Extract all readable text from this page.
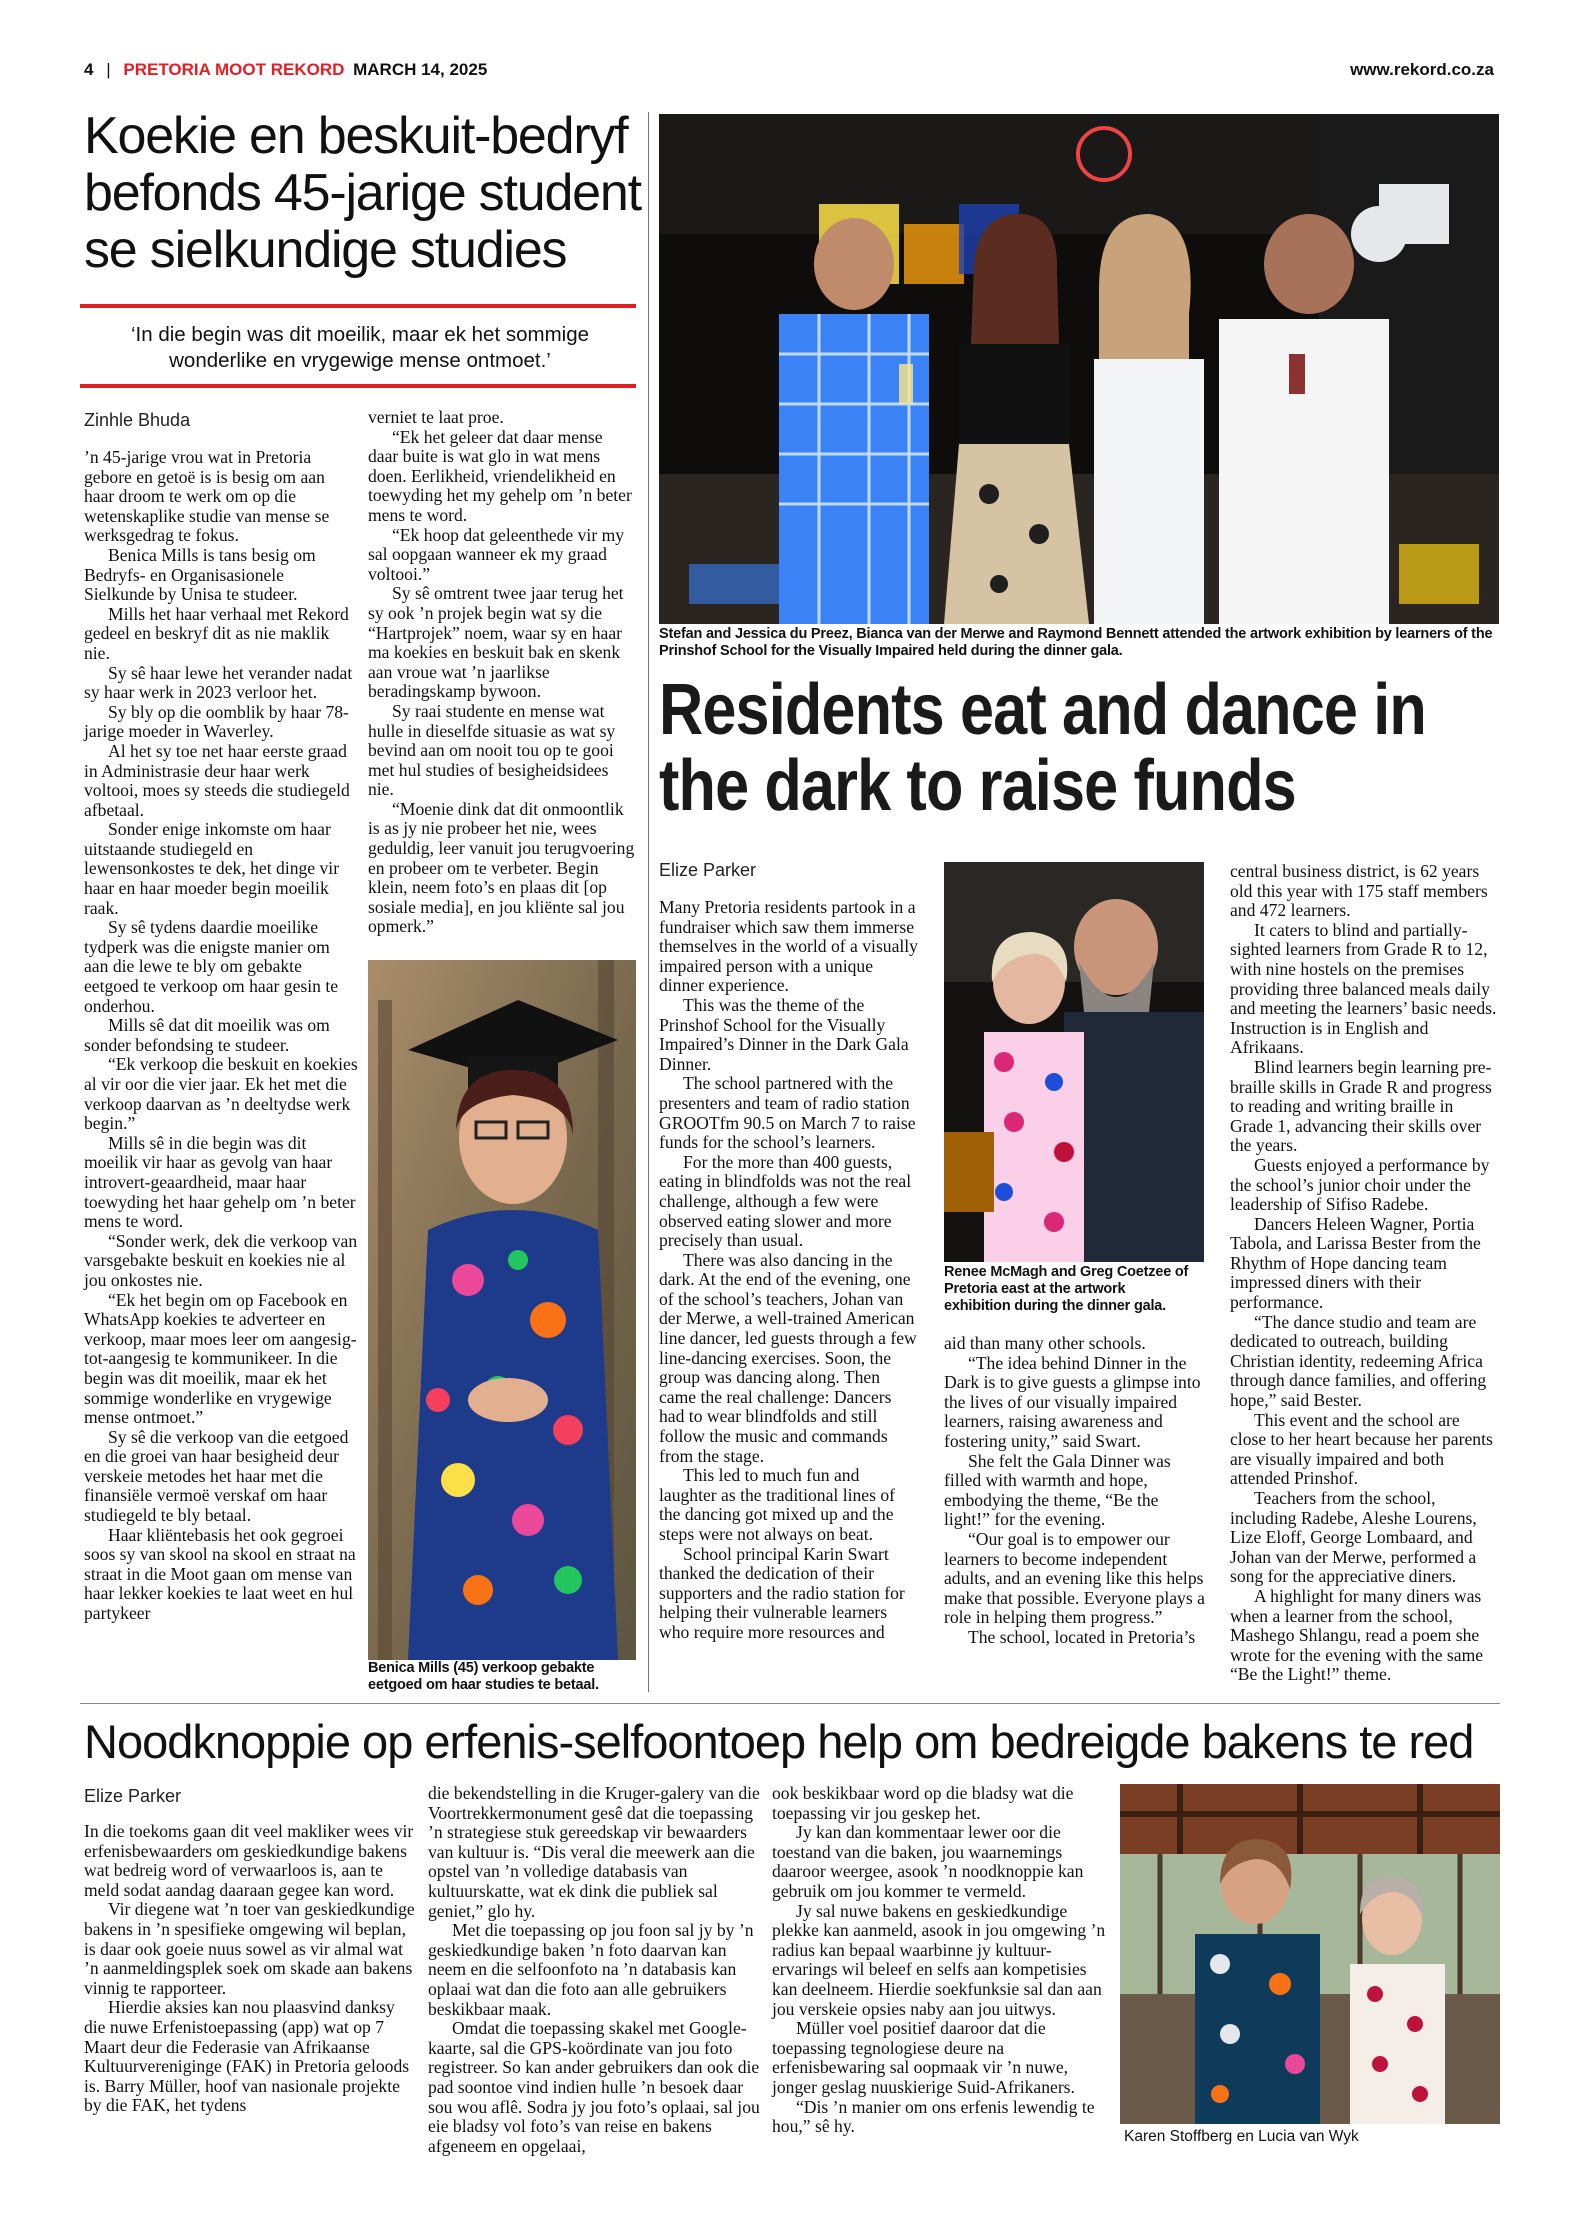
4 | PRETORIA MOOT REKORD MARCH 14, 2025	www.rekord.co.za
Koekie en beskuit-bedryf befonds 45-jarige student se sielkundige studies
‘In die begin was dit moeilik, maar ek het sommige wonderlike en vrygewige mense ontmoet.’
Zinhle Bhuda

’n 45-jarige vrou wat in Pretoria gebore en getoë is is besig om aan haar droom te werk om op die wetenskaplike studie van mense se werksgedrag te fokus.

Benica Mills is tans besig om Bedryfs- en Organisasionele Sielkunde by Unisa te studeer.

Mills het haar verhaal met Rekord gedeel en beskryf dit as nie maklik nie.

Sy sê haar lewe het verander nadat sy haar werk in 2023 verloor het.

Sy bly op die oomblik by haar 78-jarige moeder in Waverley.

Al het sy toe net haar eerste graad in Administrasie deur haar werk voltooi, moes sy steeds die studiegeld afbetaal.

Sonder enige inkomste om haar uitstaande studiegeld en lewensonkostes te dek, het dinge vir haar en haar moeder begin moeilik raak.

Sy sê tydens daardie moeilike tydperk was die enigste manier om aan die lewe te bly om gebakte eetgoed te verkoop om haar gesin te onderhou.

Mills sê dat dit moeilik was om sonder befondsing te studeer.

“Ek verkoop die beskuit en koekies al vir oor die vier jaar. Ek het met die verkoop daarvan as ’n deeltydse werk begin.”

Mills sê in die begin was dit moeilik vir haar as gevolg van haar introvert-geaardheid, maar haar toewyding het haar gehelp om ’n beter mens te word.

“Sonder werk, dek die verkoop van varsgebakte beskuit en koekies nie al jou onkostes nie.

“Ek het begin om op Facebook en WhatsApp koekies te adverteer en verkoop, maar moes leer om aangesig-tot-aangesig te kommunikeer. In die begin was dit moeilik, maar ek het sommige wonderlike en vrygewige mense ontmoet.”

Sy sê die verkoop van die eetgoed en die groei van haar besigheid deur verskeie metodes het haar met die finansiële vermoë verskaf om haar studiegeld te bly betaal.

Haar kliëntebasis het ook gegroei soos sy van skool na skool en straat na straat in die Moot gaan om mense van haar lekker koekies te laat weet en hul partykeer

verniet te laat proe.

“Ek het geleer dat daar mense daar buite is wat glo in wat mens doen. Eerlikheid, vriendelikheid en toewyding het my gehelp om ’n beter mens te word.

“Ek hoop dat geleenthede vir my sal oopgaan wanneer ek my graad voltooi.”

Sy sê omtrent twee jaar terug het sy ook ’n projek begin wat sy die “Hartprojek” noem, waar sy en haar ma koekies en beskuit bak en skenk aan vroue wat ’n jaarlikse beradingskamp bywoon.

Sy raai studente en mense wat hulle in dieselfde situasie as wat sy bevind aan om nooit tou op te gooi met hul studies of besigheidsidees nie.

“Moenie dink dat dit onmoontlik is as jy nie probeer het nie, wees geduldig, leer vanuit jou terugvoering en probeer om te verbeter. Begin klein, neem foto’s en plaas dit [op sosiale media], en jou kliënte sal jou opmerk.”

Benica Mills (45) verkoop gebakte eetgoed om haar studies te betaal.
Stefan and Jessica du Preez, Bianca van der Merwe and Raymond Bennett attended the artwork exhibition by learners of the Prinshof School for the Visually Impaired held during the dinner gala.
Residents eat and dance in the dark to raise funds
Elize Parker

Many Pretoria residents partook in a fundraiser which saw them immerse themselves in the world of a visually impaired person with a unique dinner experience.

This was the theme of the Prinshof School for the Visually Impaired’s Dinner in the Dark Gala Dinner.

The school partnered with the presenters and team of radio station GROOTfm 90.5 on March 7 to raise funds for the school’s learners.

For the more than 400 guests, eating in blindfolds was not the real challenge, although a few were observed eating slower and more precisely than usual.

There was also dancing in the dark. At the end of the evening, one of the school’s teachers, Johan van der Merwe, a well-trained American line dancer, led guests through a few line-dancing exercises. Soon, the group was dancing along. Then came the real challenge: Dancers had to wear blindfolds and still follow the music and commands from the stage.

This led to much fun and laughter as the traditional lines of the dancing got mixed up and the steps were not always on beat.

School principal Karin Swart thanked the dedication of their supporters and the radio station for helping their vulnerable learners who require more resources and

Renee McMagh and Greg Coetzee of Pretoria east at the artwork exhibition during the dinner gala.

aid than many other schools.

“The idea behind Dinner in the Dark is to give guests a glimpse into the lives of our visually impaired learners, raising awareness and fostering unity,” said Swart.

She felt the Gala Dinner was filled with warmth and hope, embodying the theme, “Be the light!” for the evening.

“Our goal is to empower our learners to become independent adults, and an evening like this helps make that possible. Everyone plays a role in helping them progress.”

The school, located in Pretoria’s

central business district, is 62 years old this year with 175 staff members and 472 learners.

It caters to blind and partially-sighted learners from Grade R to 12, with nine hostels on the premises providing three balanced meals daily and meeting the learners’ basic needs. Instruction is in English and Afrikaans.

Blind learners begin learning pre-braille skills in Grade R and progress to reading and writing braille in Grade 1, advancing their skills over the years.

Guests enjoyed a performance by the school’s junior choir under the leadership of Sifiso Radebe.

Dancers Heleen Wagner, Portia Tabola, and Larissa Bester from the Rhythm of Hope dancing team impressed diners with their performance.

“The dance studio and team are dedicated to outreach, building Christian identity, redeeming Africa through dance families, and offering hope,” said Bester.

This event and the school are close to her heart because her parents are visually impaired and both attended Prinshof.

Teachers from the school, including Radebe, Aleshe Lourens, Lize Eloff, George Lombaard, and Johan van der Merwe, performed a song for the appreciative diners.

A highlight for many diners was when a learner from the school, Mashego Shlangu, read a poem she wrote for the evening with the same “Be the Light!” theme.

Noodknoppie op erfenis-selfoontoep help om bedreigde bakens te red
Elize Parker

In die toekoms gaan dit veel makliker wees vir erfenisbewaarders om geskiedkundige bakens wat bedreig word of verwaarloos is, aan te meld sodat aandag daaraan gegee kan word.

Vir diegene wat ’n toer van geskiedkundige bakens in ’n spesifieke omgewing wil beplan, is daar ook goeie nuus sowel as vir almal wat ’n aanmeldingsplek soek om skade aan bakens vinnig te rapporteer.

Hierdie aksies kan nou plaasvind danksy die nuwe Erfenistoepassing (app) wat op 7 Maart deur die Federasie van Afrikaanse Kultuurvereniginge (FAK) in Pretoria geloods is. Barry Müller, hoof van nasionale projekte by die FAK, het tydens

die bekendstelling in die Kruger-galery van die Voortrekkermonument gesê dat die toepassing ’n strategiese stuk gereedskap vir bewaarders van kultuur is. “Dis veral die meewerk aan die opstel van ’n volledige databasis van kultuurskatte, wat ek dink die publiek sal geniet,” glo hy.

Met die toepassing op jou foon sal jy by ’n geskiedkundige baken ’n foto daarvan kan neem en die selfoonfoto na ’n databasis kan oplaai wat dan die foto aan alle gebruikers beskikbaar maak.

Omdat die toepassing skakel met Google-kaarte, sal die GPS-koördinate van jou foto registreer. So kan ander gebruikers dan ook die pad soontoe vind indien hulle ’n besoek daar sou wou aflê. Sodra jy jou foto’s oplaai, sal jou eie bladsy vol foto’s van reise en bakens afgeneem en opgelaai,

ook beskikbaar word op die bladsy wat die toepassing vir jou geskep het.

Jy kan dan kommentaar lewer oor die toestand van die baken, jou waarnemings daaroor weergee, asook ’n noodknoppie kan gebruik om jou kommer te vermeld.

Jy sal nuwe bakens en geskiedkundige plekke kan aanmeld, asook in jou omgewing ’n radius kan bepaal waarbinne jy kultuur-ervarings wil beleef en selfs aan kompetisies kan deelneem. Hierdie soekfunksie sal dan aan jou verskeie opsies naby aan jou uitwys.

Müller voel positief daaroor dat die toepassing tegnologiese deure na erfenisbewaring sal oopmaak vir ’n nuwe, jonger geslag nuuskierige Suid-Afrikaners.

“Dis ’n manier om ons erfenis lewendig te hou,” sê hy.

Karen Stoffberg en Lucia van Wyk
